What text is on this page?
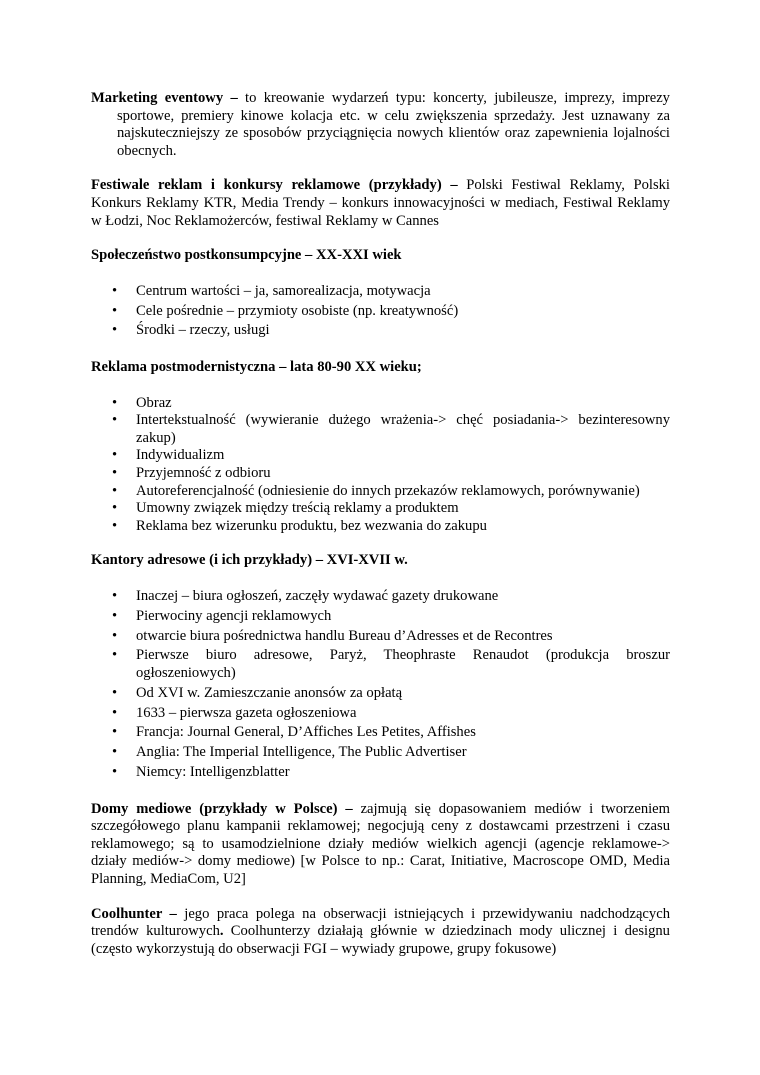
Marketing eventowy – to kreowanie wydarzeń typu: koncerty, jubileusze, imprezy, imprezy sportowe, premiery kinowe kolacja etc. w celu zwiększenia sprzedaży. Jest uznawany za najskuteczniejszy ze sposobów przyciągnięcia nowych klientów oraz zapewnienia lojalności obecnych.

Festiwale reklam i konkursy reklamowe (przykłady) – Polski Festiwal Reklamy, Polski Konkurs Reklamy KTR, Media Trendy – konkurs innowacyjności w mediach, Festiwal Reklamy w Łodzi, Noc Reklamożerców, festiwal Reklamy w Cannes

Społeczeństwo postkonsumpcyjne – XX-XXI wiek

• Centrum wartości – ja, samorealizacja, motywacja
• Cele pośrednie – przymioty osobiste (np. kreatywność)
• Środki – rzeczy, usługi

Reklama postmodernistyczna – lata 80-90 XX wieku;

• Obraz
• Intertekstualność (wywieranie dużego wrażenia-> chęć posiadania-> bezinteresowny zakup)
• Indywidualizm
• Przyjemność z odbioru
• Autoreferencjalność (odniesienie do innych przekazów reklamowych, porównywanie)
• Umowny związek między treścią reklamy a produktem
• Reklama bez wizerunku produktu, bez wezwania do zakupu

Kantory adresowe (i ich przykłady) – XVI-XVII w.

• Inaczej – biura ogłoszeń, zaczęły wydawać gazety drukowane
• Pierwociny agencji reklamowych
• otwarcie biura pośrednictwa handlu Bureau d’Adresses et de Recontres
• Pierwsze biuro adresowe, Paryż, Theophraste Renaudot (produkcja broszur ogłoszeniowych)
• Od XVI w. Zamieszczanie anonsów za opłatą
• 1633 – pierwsza gazeta ogłoszeniowa
• Francja: Journal General, D’Affiches Les Petites, Affishes
• Anglia: The Imperial Intelligence, The Public Advertiser
• Niemcy: Intelligenzblatter

Domy mediowe (przykłady w Polsce) – zajmują się dopasowaniem mediów i tworzeniem szczegółowego planu kampanii reklamowej; negocjują ceny z dostawcami przestrzeni i czasu reklamowego; są to usamodzielnione działy mediów wielkich agencji (agencje reklamowe-> działy mediów-> domy mediowe) [w Polsce to np.: Carat, Initiative, Macroscope OMD, Media Planning, MediaCom, U2]

Coolhunter – jego praca polega na obserwacji istniejących i przewidywaniu nadchodzących trendów kulturowych. Coolhunterzy działają głównie w dziedzinach mody ulicznej i designu (często wykorzystują do obserwacji FGI – wywiady grupowe, grupy fokusowe)
